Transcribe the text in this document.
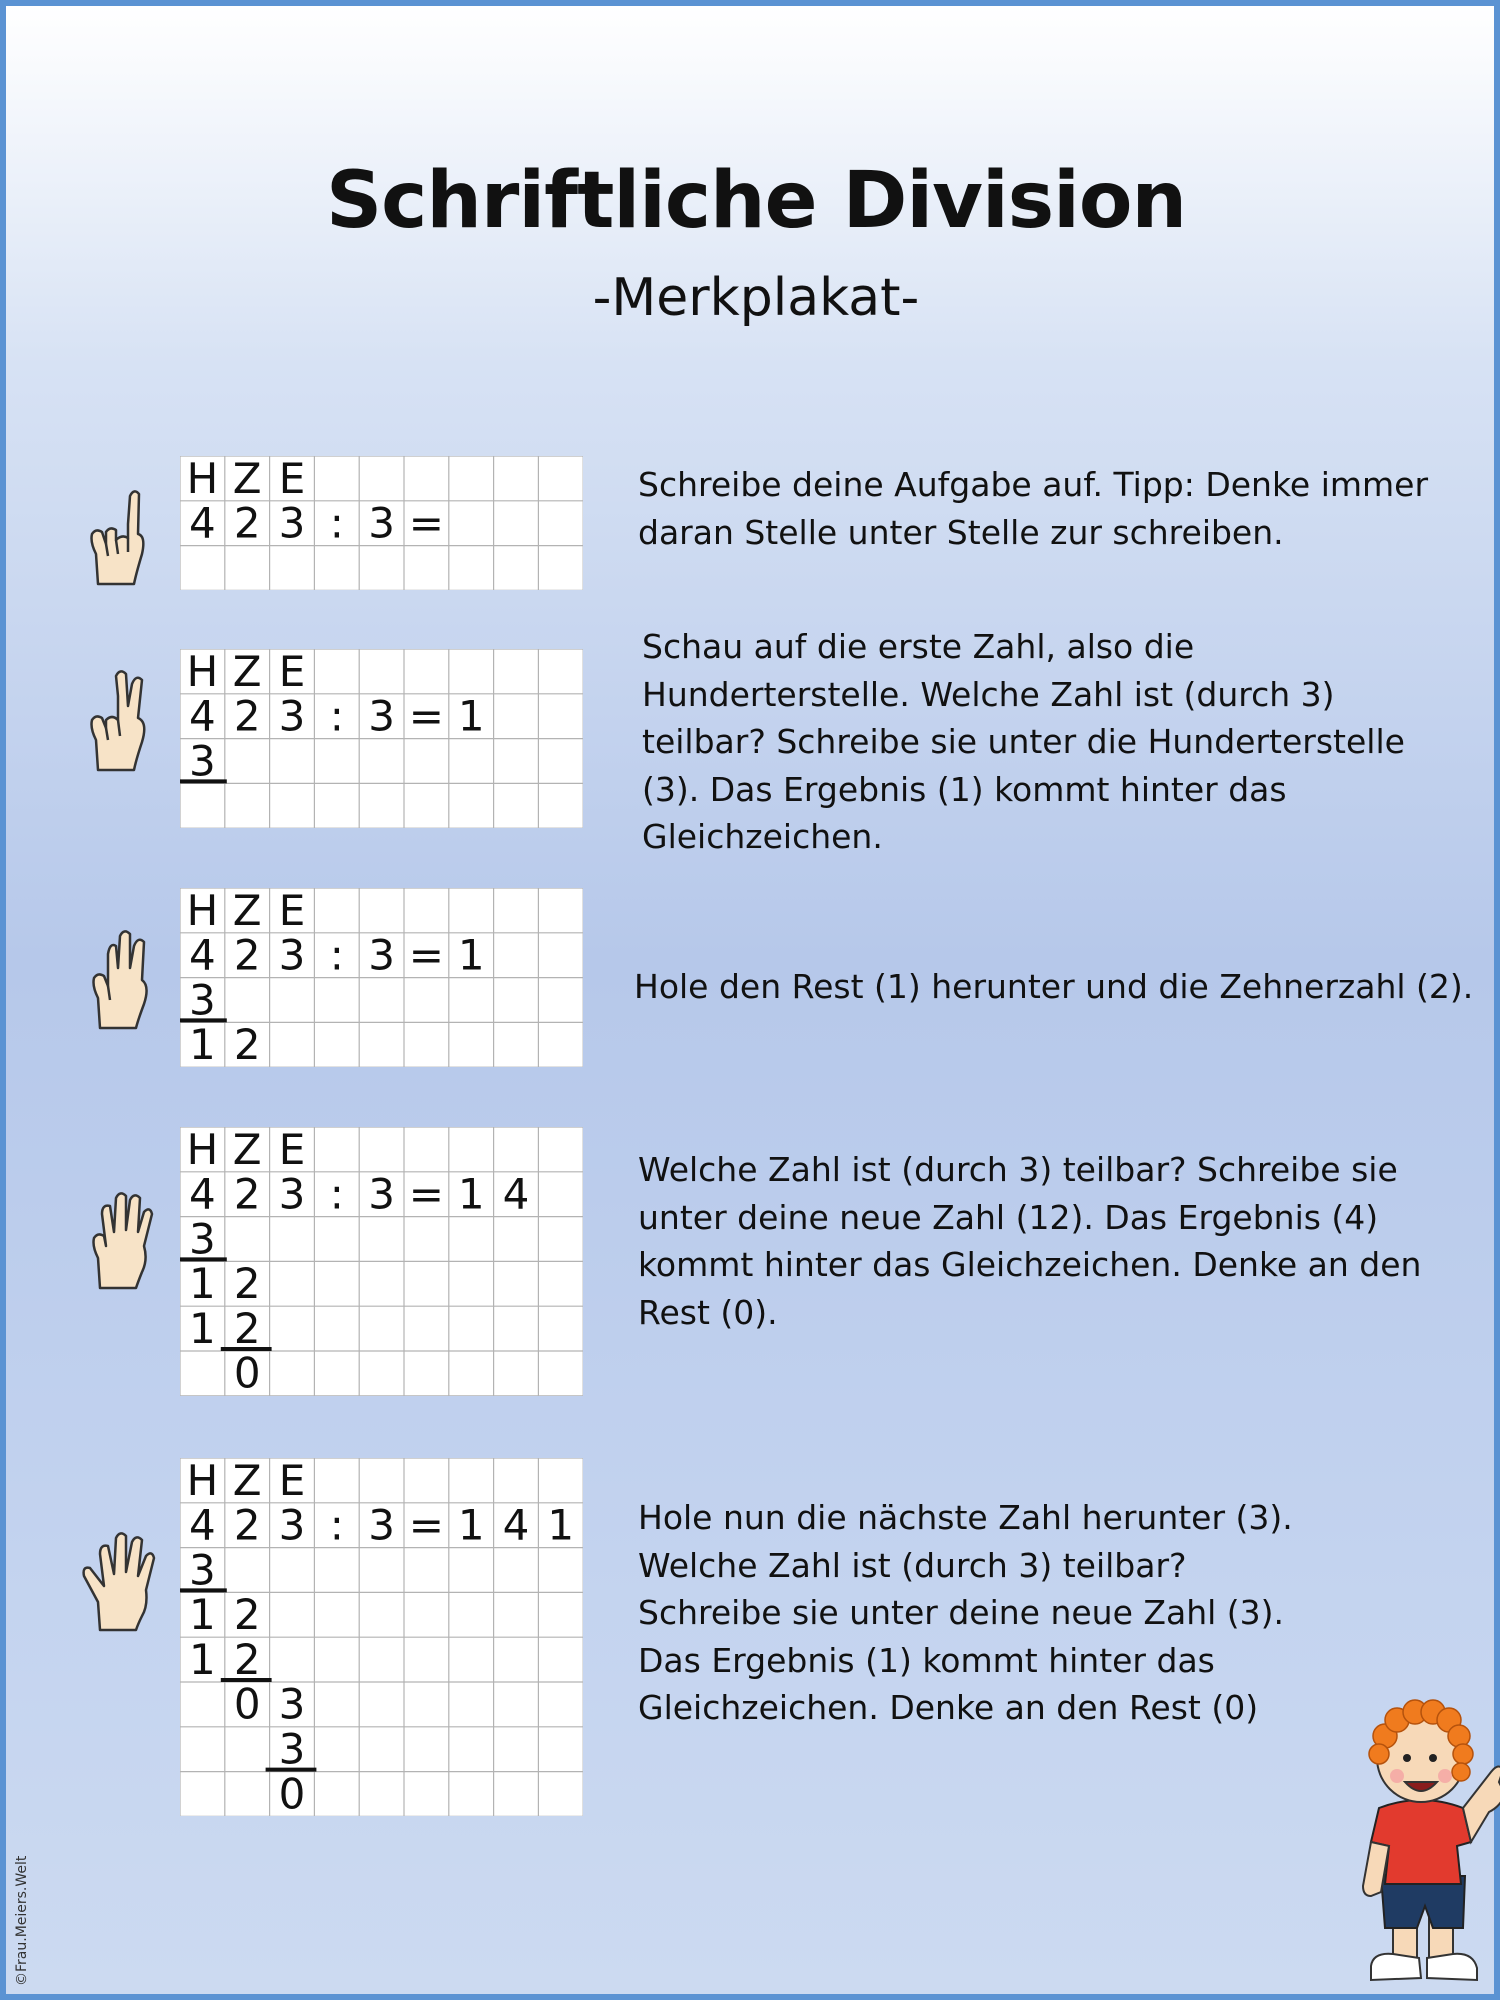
Schriftliche Division
-Merkplakat-
H Z E
4 2 3 : 3 =

Schreibe deine Aufgabe auf. Tipp: Denke immer
daran Stelle unter Stelle zur schreiben.

H Z E
4 2 3 : 3 = 1
3

Schau auf die erste Zahl, also die
Hunderterstelle. Welche Zahl ist (durch 3)
teilbar? Schreibe sie unter die Hunderterstelle
(3). Das Ergebnis (1) kommt hinter das
Gleichzeichen.

H Z E
4 2 3 : 3 = 1
3
1 2

Hole den Rest (1) herunter und die Zehnerzahl (2).

H Z E
4 2 3 : 3 = 1 4
3
1 2
1 2
0

Welche Zahl ist (durch 3) teilbar? Schreibe sie
unter deine neue Zahl (12). Das Ergebnis (4)
kommt hinter das Gleichzeichen. Denke an den
Rest (0).

H Z E
4 2 3 : 3 = 1 4 1
3
1 2
1 2
0 3
3
0

Hole nun die nächste Zahl herunter (3).
Welche Zahl ist (durch 3) teilbar?
Schreibe sie unter deine neue Zahl (3).
Das Ergebnis (1) kommt hinter das
Gleichzeichen. Denke an den Rest (0)

©Frau.Meiers.Welt
